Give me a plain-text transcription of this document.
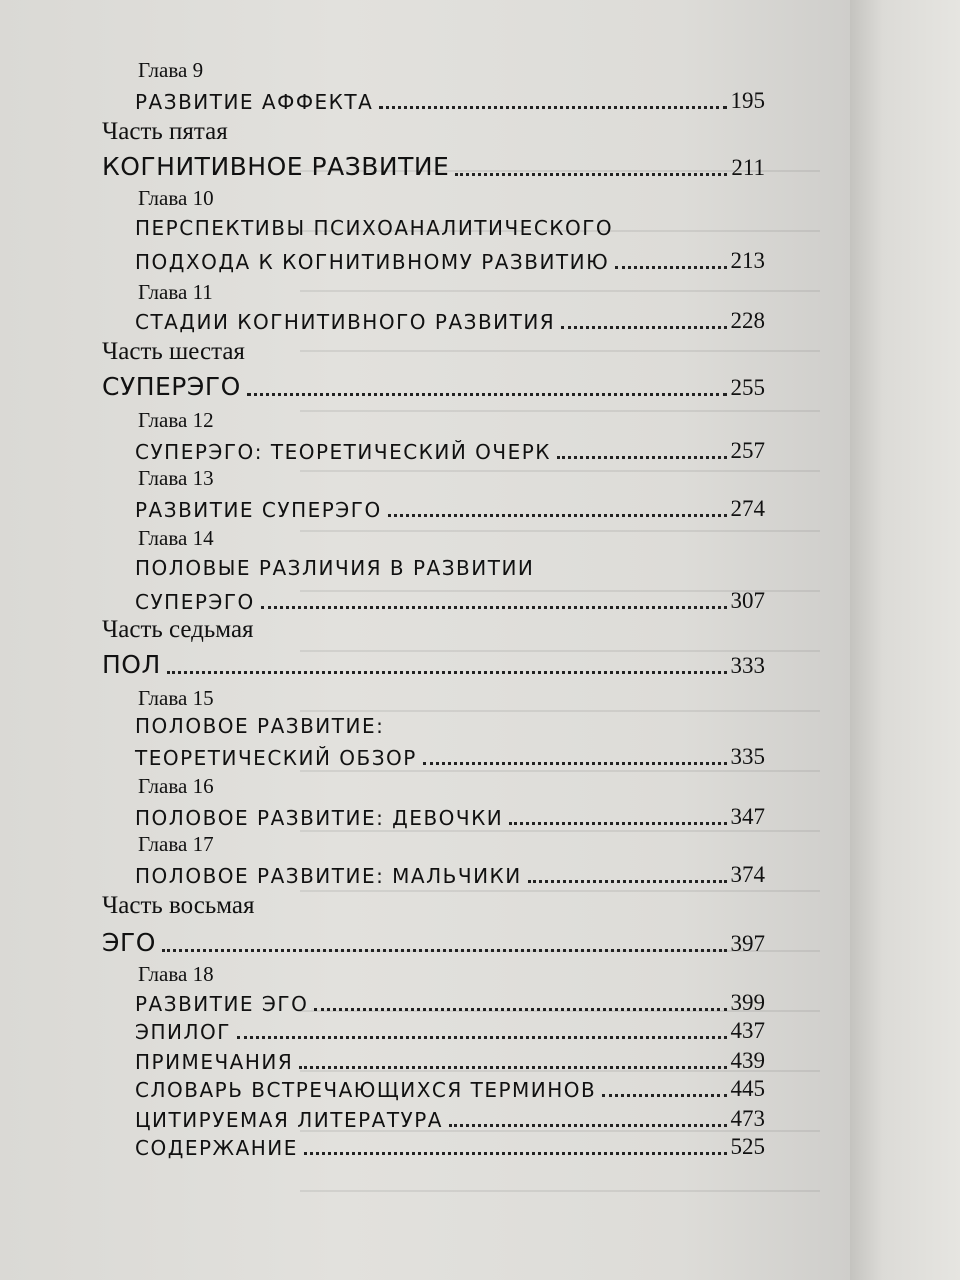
Глава 9
РАЗВИТИЕ АФФЕКТА	195
Часть пятая
КОГНИТИВНОЕ РАЗВИТИЕ	211
Глава 10
ПЕРСПЕКТИВЫ ПСИХОАНАЛИТИЧЕСКОГО
ПОДХОДА К КОГНИТИВНОМУ РАЗВИТИЮ	213
Глава 11
СТАДИИ КОГНИТИВНОГО РАЗВИТИЯ	228
Часть шестая
СУПЕРЭГО	255
Глава 12
СУПЕРЭГО: ТЕОРЕТИЧЕСКИЙ ОЧЕРК	257
Глава 13
РАЗВИТИЕ СУПЕРЭГО	274
Глава 14
ПОЛОВЫЕ РАЗЛИЧИЯ В РАЗВИТИИ
СУПЕРЭГО	307
Часть седьмая
ПОЛ	333
Глава 15
ПОЛОВОЕ РАЗВИТИЕ:
ТЕОРЕТИЧЕСКИЙ ОБЗОР	335
Глава 16
ПОЛОВОЕ РАЗВИТИЕ: ДЕВОЧКИ	347
Глава 17
ПОЛОВОЕ РАЗВИТИЕ: МАЛЬЧИКИ	374
Часть восьмая
ЭГО	397
Глава 18
РАЗВИТИЕ ЭГО	399
ЭПИЛОГ	437
ПРИМЕЧАНИЯ	439
СЛОВАРЬ ВСТРЕЧАЮЩИХСЯ ТЕРМИНОВ	445
ЦИТИРУЕМАЯ ЛИТЕРАТУРА	473
СОДЕРЖАНИЕ	525
